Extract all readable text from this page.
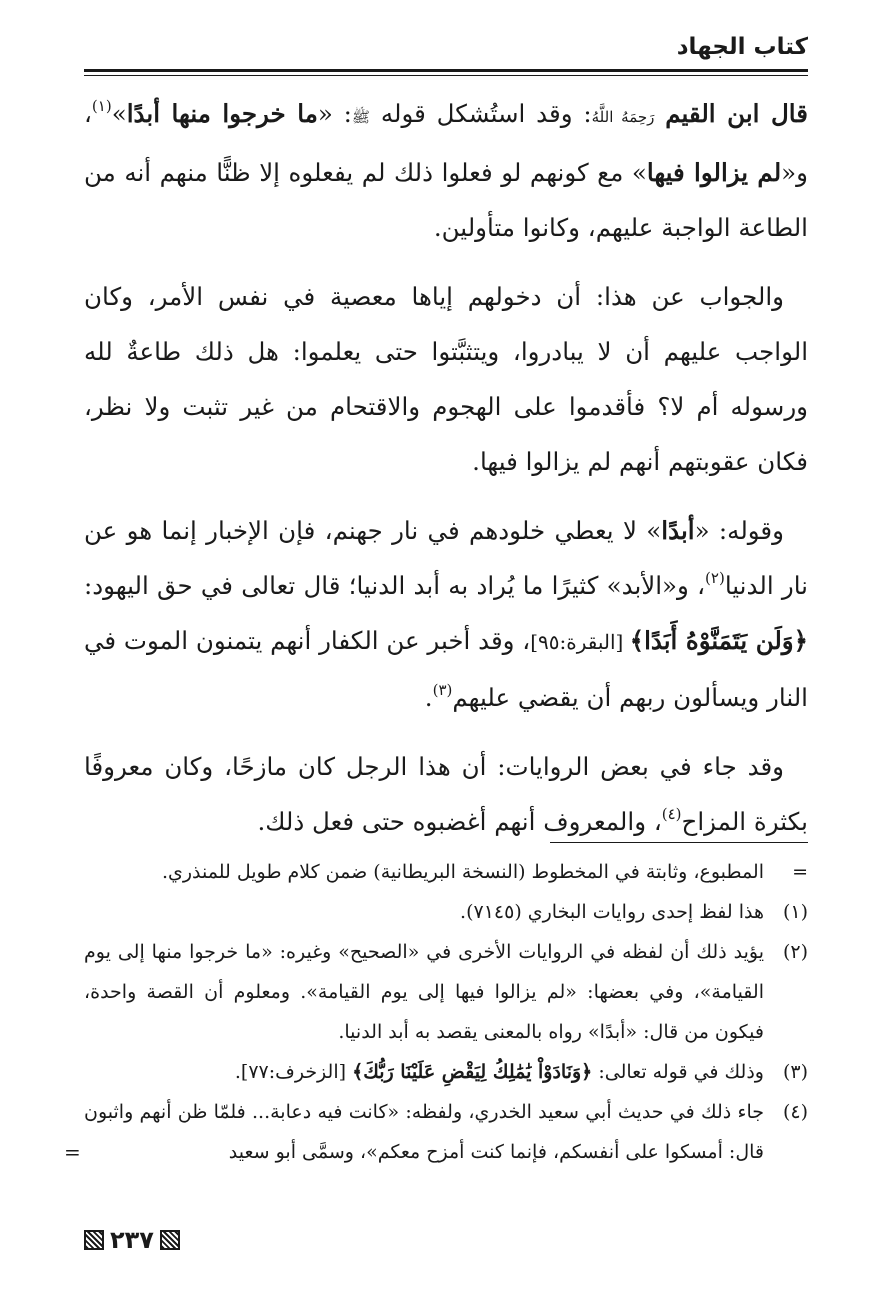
كتاب الجهاد

قال ابن القيم رَحِمَهُ اللَّهُ: وقد استُشكل قوله ﷺ: «ما خرجوا منها أبدًا»$^{(١)}$، و«لم يزالوا فيها» مع كونهم لو فعلوا ذلك لم يفعلوه إلا ظنًّا منهم أنه من الطاعة الواجبة عليهم، وكانوا متأولين.

والجواب عن هذا: أن دخولهم إياها معصية في نفس الأمر، وكان الواجب عليهم أن لا يبادروا، ويتثبَّتوا حتى يعلموا: هل ذلك طاعةٌ لله ورسوله أم لا؟ فأقدموا على الهجوم والاقتحام من غير تثبت ولا نظر، فكان عقوبتهم أنهم لم يزالوا فيها.

وقوله: «أبدًا» لا يعطي خلودهم في نار جهنم، فإن الإخبار إنما هو عن نار الدنيا$^{(٢)}$، و«الأبد» كثيرًا ما يُراد به أبد الدنيا؛ قال تعالى في حق اليهود: ﴿وَلَن يَتَمَنَّوْهُ أَبَدًا﴾ [البقرة:٩٥]، وقد أخبر عن الكفار أنهم يتمنون الموت في النار ويسألون ربهم أن يقضي عليهم$^{(٣)}$.

وقد جاء في بعض الروايات: أن هذا الرجل كان مازحًا، وكان معروفًا بكثرة المزاح$^{(٤)}$، والمعروف أنهم أغضبوه حتى فعل ذلك.

=
المطبوع، وثابتة في المخطوط (النسخة البريطانية) ضمن كلام طويل للمنذري.

(١)
هذا لفظ إحدى روايات البخاري (٧١٤٥).

(٢)
يؤيد ذلك أن لفظه في الروايات الأخرى في «الصحيح» وغيره: «ما خرجوا منها إلى يوم القيامة»، وفي بعضها: «لم يزالوا فيها إلى يوم القيامة». ومعلوم أن القصة واحدة، فيكون من قال: «أبدًا» رواه بالمعنى يقصد به أبد الدنيا.

(٣)
وذلك في قوله تعالى: ﴿وَنَادَوْاْ يَٰمَٰلِكُ لِيَقْضِ عَلَيْنَا رَبُّكَ﴾ [الزخرف:٧٧].

(٤)
جاء ذلك في حديث أبي سعيد الخدري، ولفظه: «كانت فيه دعابة... فلمّا ظن أنهم واثبون قال: أمسكوا على أنفسكم، فإنما كنت أمزح معكم»، وسمَّى أبو سعيد
=

٢٣٧
